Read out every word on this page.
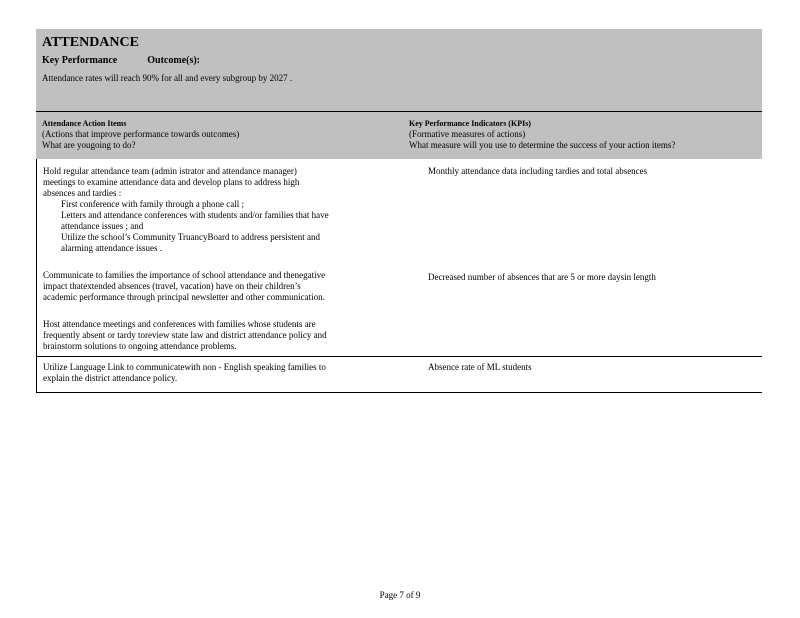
ATTENDANCE
Key Performance	Outcome(s):
Attendance rates will reach 90% for all and every subgroup by 2027 .
Attendance Action Items
(Actions that improve performance towards outcomes)
What are yougoing to do?
Key Performance Indicators (KPIs)
(Formative measures of actions)
What measure will you use to determine the success of your action items?
Hold regular attendance team (admin istrator and attendance manager)
meetings to examine attendance data and develop plans to address high
absences and tardies :
First conference with family through a phone call ;
Letters and attendance conferences with students and/or families that have
attendance issues ; and
Utilize the school’s Community TruancyBoard to address persistent and
alarming attendance issues .
Communicate to families the importance of school attendance and thenegative
impact thatextended absences (travel, vacation) have on their children’s
academic performance through principal newsletter and other communication.
Host attendance meetings and conferences with families whose students are
frequently absent or tardy toreview state law and district attendance policy and
brainstorm solutions to ongoing attendance problems.
Monthly attendance data including tardies and total absences
Decreased number of absences that are 5 or more daysin length
Utilize Language Link to communicatewith non - English speaking families to
explain the district attendance policy.
Absence rate of ML students
Page 7 of 9
